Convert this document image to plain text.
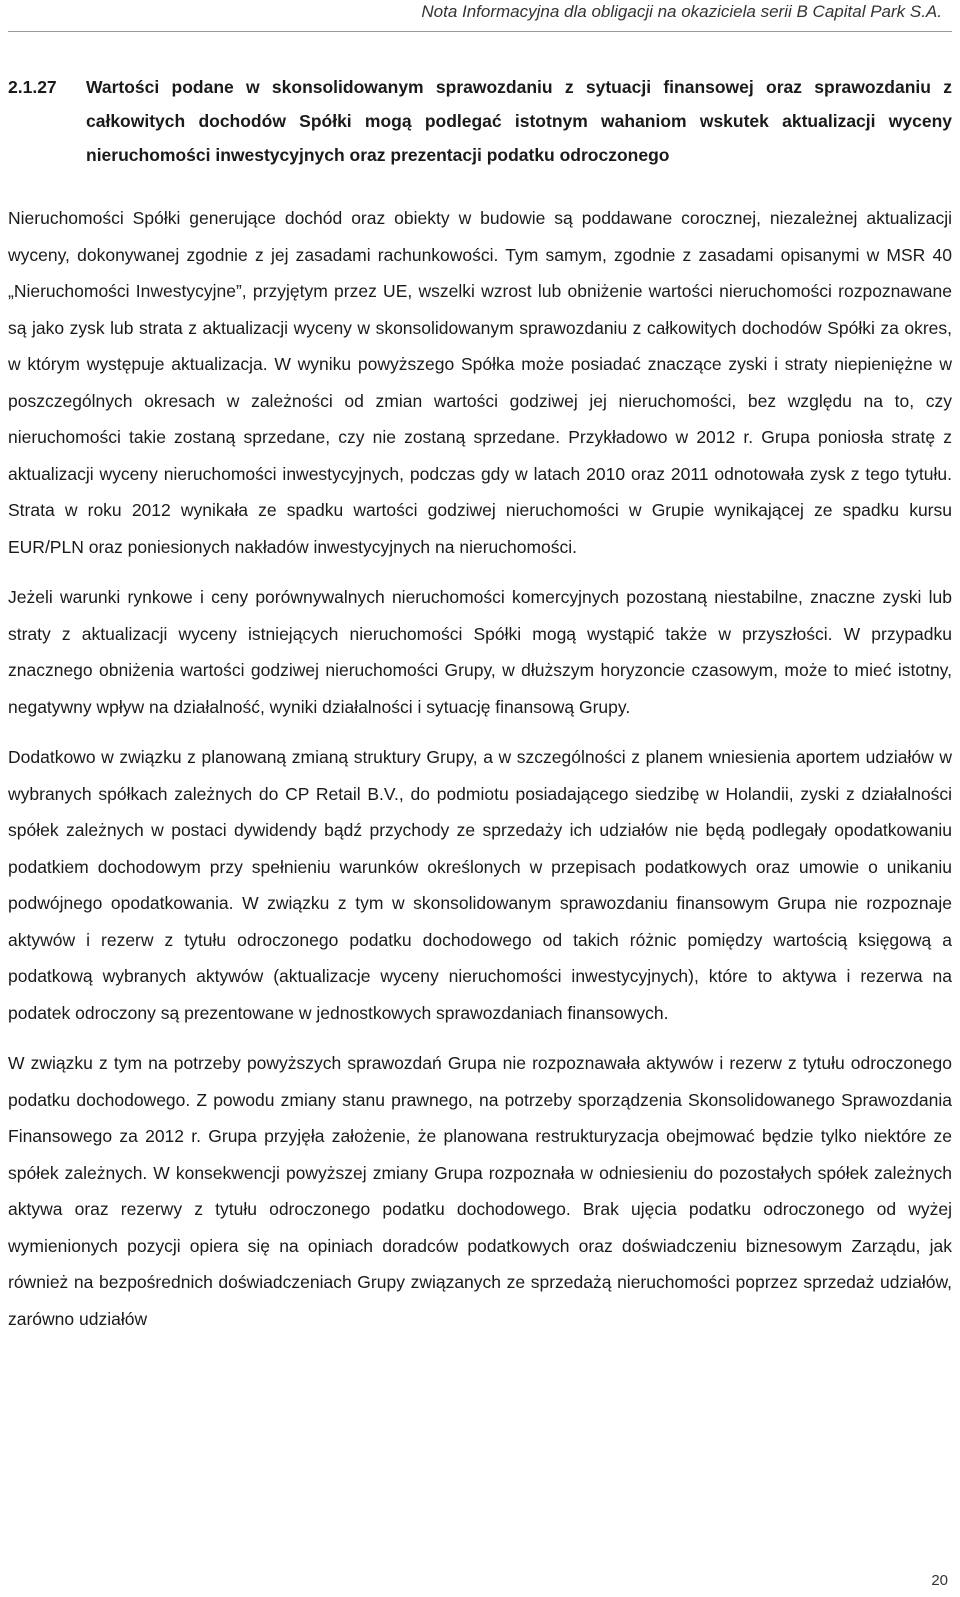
Nota Informacyjna dla obligacji na okaziciela serii B Capital Park S.A.
2.1.27	Wartości podane w skonsolidowanym sprawozdaniu z sytuacji finansowej oraz sprawozdaniu z całkowitych dochodów Spółki mogą podlegać istotnym wahaniom wskutek aktualizacji wyceny nieruchomości inwestycyjnych oraz prezentacji podatku odroczonego

Nieruchomości Spółki generujące dochód oraz obiekty w budowie są poddawane corocznej, niezależnej aktualizacji wyceny, dokonywanej zgodnie z jej zasadami rachunkowości. Tym samym, zgodnie z zasadami opisanymi w MSR 40 „Nieruchomości Inwestycyjne”, przyjętym przez UE, wszelki wzrost lub obniżenie wartości nieruchomości rozpoznawane są jako zysk lub strata z aktualizacji wyceny w skonsolidowanym sprawozdaniu z całkowitych dochodów Spółki za okres, w którym występuje aktualizacja. W wyniku powyższego Spółka może posiadać znaczące zyski i straty niepieniężne w poszczególnych okresach w zależności od zmian wartości godziwej jej nieruchomości, bez względu na to, czy nieruchomości takie zostaną sprzedane, czy nie zostaną sprzedane. Przykładowo w 2012 r. Grupa poniosła stratę z aktualizacji wyceny nieruchomości inwestycyjnych, podczas gdy w latach 2010 oraz 2011 odnotowała zysk z tego tytułu. Strata w roku 2012 wynikała ze spadku wartości godziwej nieruchomości w Grupie wynikającej ze spadku kursu EUR/PLN oraz poniesionych nakładów inwestycyjnych na nieruchomości.

Jeżeli warunki rynkowe i ceny porównywalnych nieruchomości komercyjnych pozostaną niestabilne, znaczne zyski lub straty z aktualizacji wyceny istniejących nieruchomości Spółki mogą wystąpić także w przyszłości. W przypadku znacznego obniżenia wartości godziwej nieruchomości Grupy, w dłuższym horyzoncie czasowym, może to mieć istotny, negatywny wpływ na działalność, wyniki działalności i sytuację finansową Grupy.

Dodatkowo w związku z planowaną zmianą struktury Grupy, a w szczególności z planem wniesienia aportem udziałów w wybranych spółkach zależnych do CP Retail B.V., do podmiotu posiadającego siedzibę w Holandii, zyski z działalności spółek zależnych w postaci dywidendy bądź przychody ze sprzedaży ich udziałów nie będą podlegały opodatkowaniu podatkiem dochodowym przy spełnieniu warunków określonych w przepisach podatkowych oraz umowie o unikaniu podwójnego opodatkowania. W związku z tym w skonsolidowanym sprawozdaniu finansowym Grupa nie rozpoznaje aktywów i rezerw z tytułu odroczonego podatku dochodowego od takich różnic pomiędzy wartością księgową a podatkową wybranych aktywów (aktualizacje wyceny nieruchomości inwestycyjnych), które to aktywa i rezerwa na podatek odroczony są prezentowane w jednostkowych sprawozdaniach finansowych.

W związku z tym na potrzeby powyższych sprawozdań Grupa nie rozpoznawała aktywów i rezerw z tytułu odroczonego podatku dochodowego. Z powodu zmiany stanu prawnego, na potrzeby sporządzenia Skonsolidowanego Sprawozdania Finansowego za 2012 r. Grupa przyjęła założenie, że planowana restrukturyzacja obejmować będzie tylko niektóre ze spółek zależnych. W konsekwencji powyższej zmiany Grupa rozpoznała w odniesieniu do pozostałych spółek zależnych aktywa oraz rezerwy z tytułu odroczonego podatku dochodowego. Brak ujęcia podatku odroczonego od wyżej wymienionych pozycji opiera się na opiniach doradców podatkowych oraz doświadczeniu biznesowym Zarządu, jak również na bezpośrednich doświadczeniach Grupy związanych ze sprzedażą nieruchomości poprzez sprzedaż udziałów, zarówno udziałów

20
